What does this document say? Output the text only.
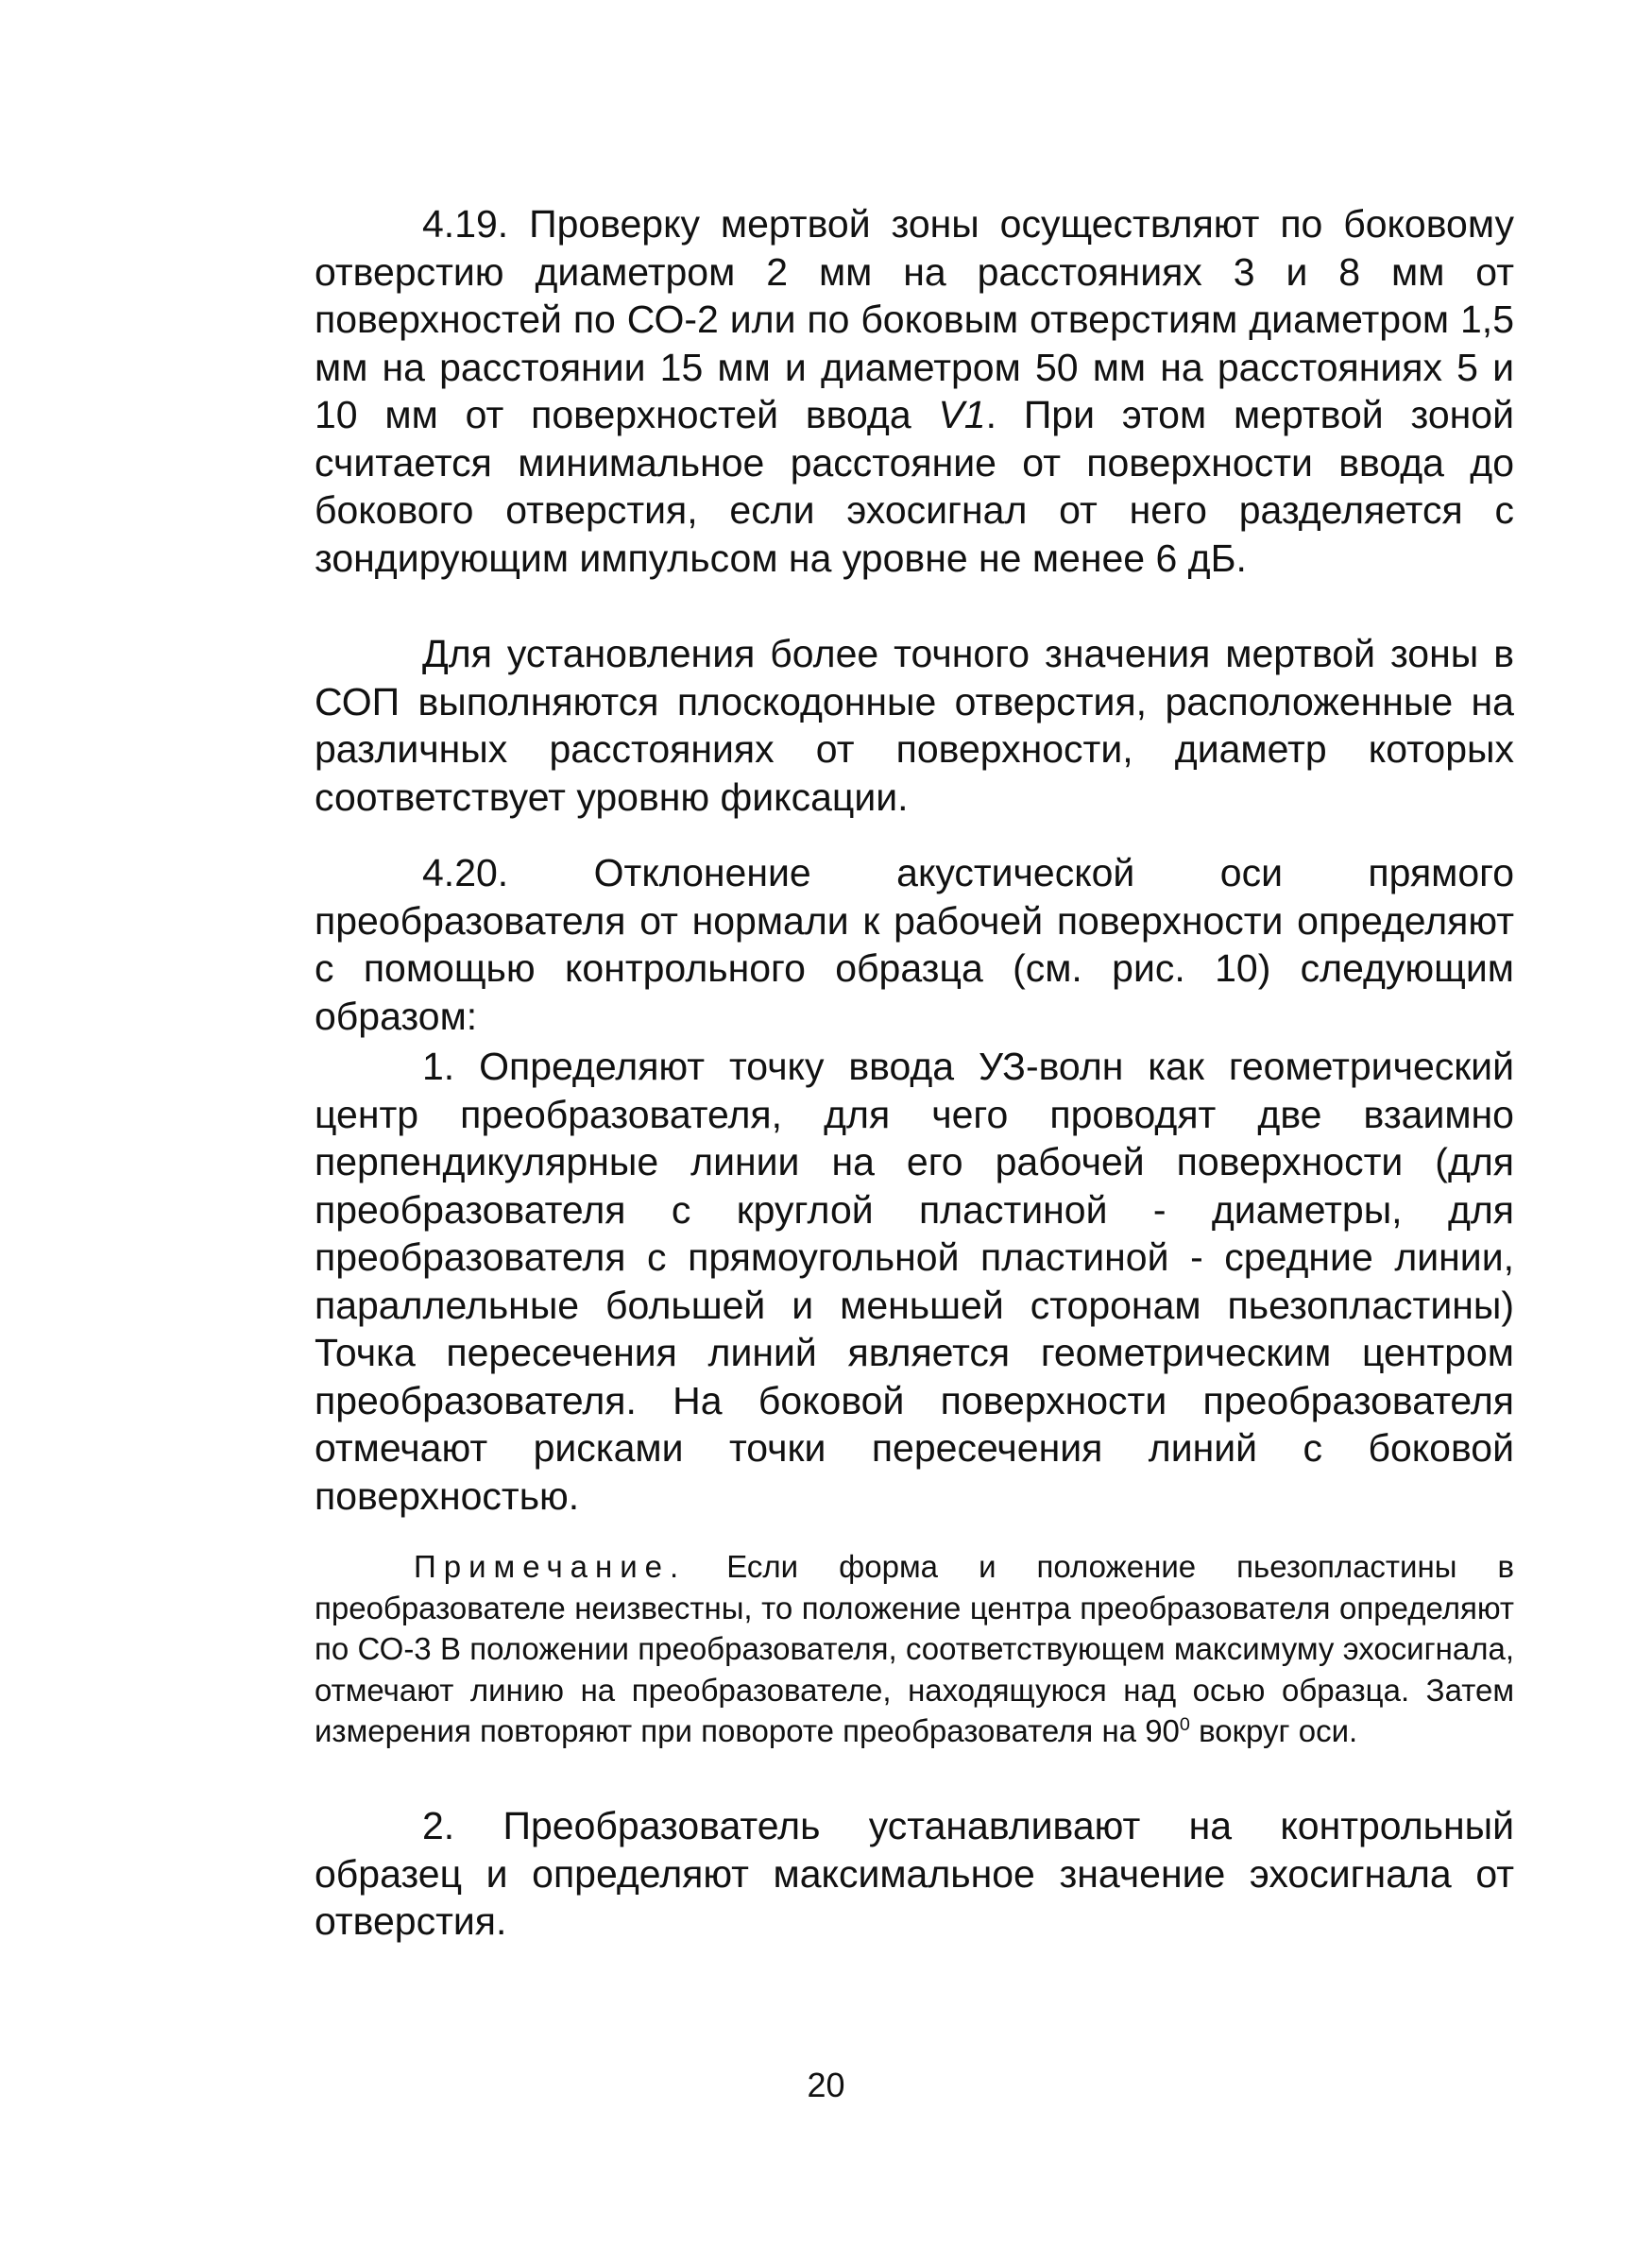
4.19. Проверку мертвой зоны осуществляют по боковому отверстию диаметром 2 мм на расстояниях 3 и 8 мм от поверхностей по СО-2 или по боковым отверстиям диаметром 1,5 мм на расстоянии 15 мм и диаметром 50 мм на расстояниях 5 и 10 мм от поверхностей ввода V1. При этом мертвой зоной считается минимальное расстояние от поверхности ввода до бокового отверстия, если эхосигнал от него разделяется с зондирующим импульсом на уровне не менее 6 дБ.

Для установления более точного значения мертвой зоны в СОП выполняются плоскодонные отверстия, расположенные на различных расстояниях от поверхности, диаметр которых соответствует уровню фиксации.

4.20. Отклонение акустической оси прямого преобразователя от нормали к рабочей поверхности определяют с помощью контрольного образца (см. рис. 10) следующим образом:

1. Определяют точку ввода УЗ-волн как геометрический центр преобразователя, для чего проводят две взаимно перпендикулярные линии на его рабочей поверхности (для преобразователя с круглой пластиной - диаметры, для преобразователя с прямоугольной пластиной - средние линии, параллельные большей и меньшей сторонам пьезопластины) Точка пересечения линий является геометрическим центром преобразователя. На боковой поверхности преобразователя отмечают рисками точки пересечения линий с боковой поверхностью.

Примечание. Если форма и положение пьезопластины в преобразователе неизвестны, то положение центра преобразователя определяют по СО-3 В положении преобразователя, соответствующем максимуму эхосигнала, отмечают линию на преобразователе, находящуюся над осью образца. Затем измерения повторяют при повороте преобразователя на $90^0$ вокруг оси.

2. Преобразователь устанавливают на контрольный образец и определяют максимальное значение эхосигнала от отверстия.

20
